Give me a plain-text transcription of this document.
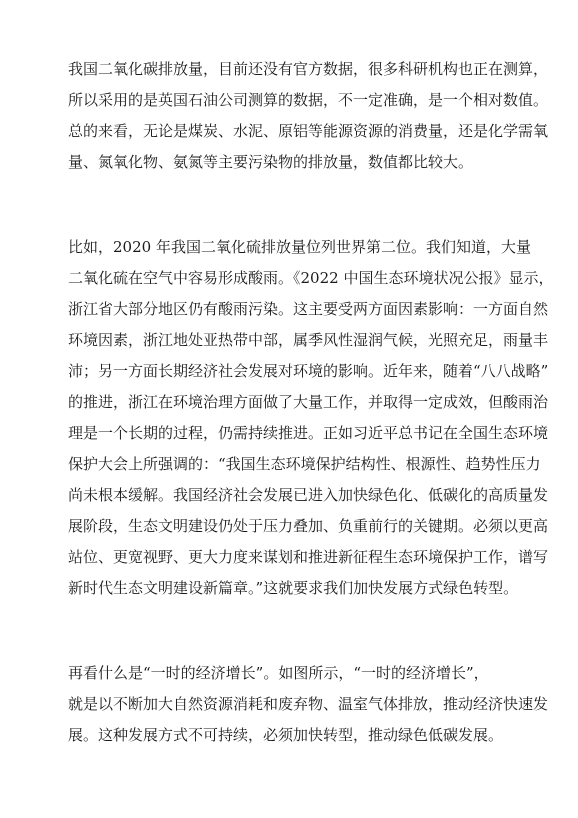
我国二氧化碳排放量，目前还没有官方数据，很多科研机构也正在测算，
所以采用的是英国石油公司测算的数据，不一定准确，是一个相对数值。
总的来看，无论是煤炭、水泥、原铝等能源资源的消费量，还是化学需氧
量、氮氧化物、氨氮等主要污染物的排放量，数值都比较大。
比如，2020 年我国二氧化硫排放量位列世界第二位。我们知道，大量
二氧化硫在空气中容易形成酸雨。《2022 中国生态环境状况公报》显示，
浙江省大部分地区仍有酸雨污染。这主要受两方面因素影响：一方面自然
环境因素，浙江地处亚热带中部，属季风性湿润气候，光照充足，雨量丰
沛；另一方面长期经济社会发展对环境的影响。近年来，随着“八八战略”
的推进，浙江在环境治理方面做了大量工作，并取得一定成效，但酸雨治
理是一个长期的过程，仍需持续推进。正如习近平总书记在全国生态环境
保护大会上所强调的：“我国生态环境保护结构性、根源性、趋势性压力
尚未根本缓解。我国经济社会发展已进入加快绿色化、低碳化的高质量发
展阶段，生态文明建设仍处于压力叠加、负重前行的关键期。必须以更高
站位、更宽视野、更大力度来谋划和推进新征程生态环境保护工作，谱写
新时代生态文明建设新篇章。”这就要求我们加快发展方式绿色转型。
再看什么是“一时的经济增长”。如图所示，“一时的经济增长”，
就是以不断加大自然资源消耗和废弃物、温室气体排放，推动经济快速发
展。这种发展方式不可持续，必须加快转型，推动绿色低碳发展。
